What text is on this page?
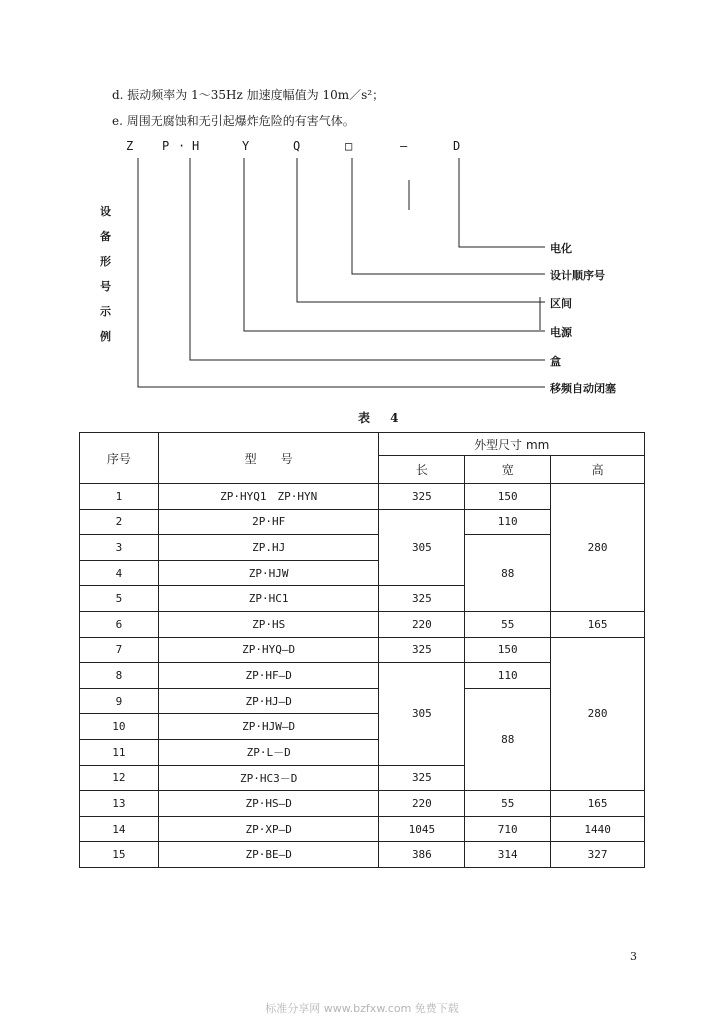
d. 振动频率为 1～35Hz 加速度幅值为 10m／s²；
e. 周围无腐蚀和无引起爆炸危险的有害气体。
Z P · H	Y	Q	□	—	D
设
备
形
号
示
例
电化
设计顺序号
区间
电源
盒
移频自动闭塞
表 4
序号	型　　号	外型尺寸 mm		
		长	宽	高
1	ZP·HYQ1　ZP·HYN	325	150	280
2	2P·HF	305	110	
3	ZP.HJ		88	
4	ZP·HJW			
5	ZP·HC1	325		
6	ZP·HS	220	55	165
7	ZP·HYQ—D	325	150	280
8	ZP·HF—D	305	110	
9	ZP·HJ—D		88	
10	ZP·HJW—D			
11	ZP·L－D			
12	ZP·HC3－D	325		
13	ZP·HS—D	220	55	165
14	ZP·XP—D	1045	710	1440
15	ZP·BE—D	386	314	327
3
标准分享网 www.bzfxw.com 免费下载
